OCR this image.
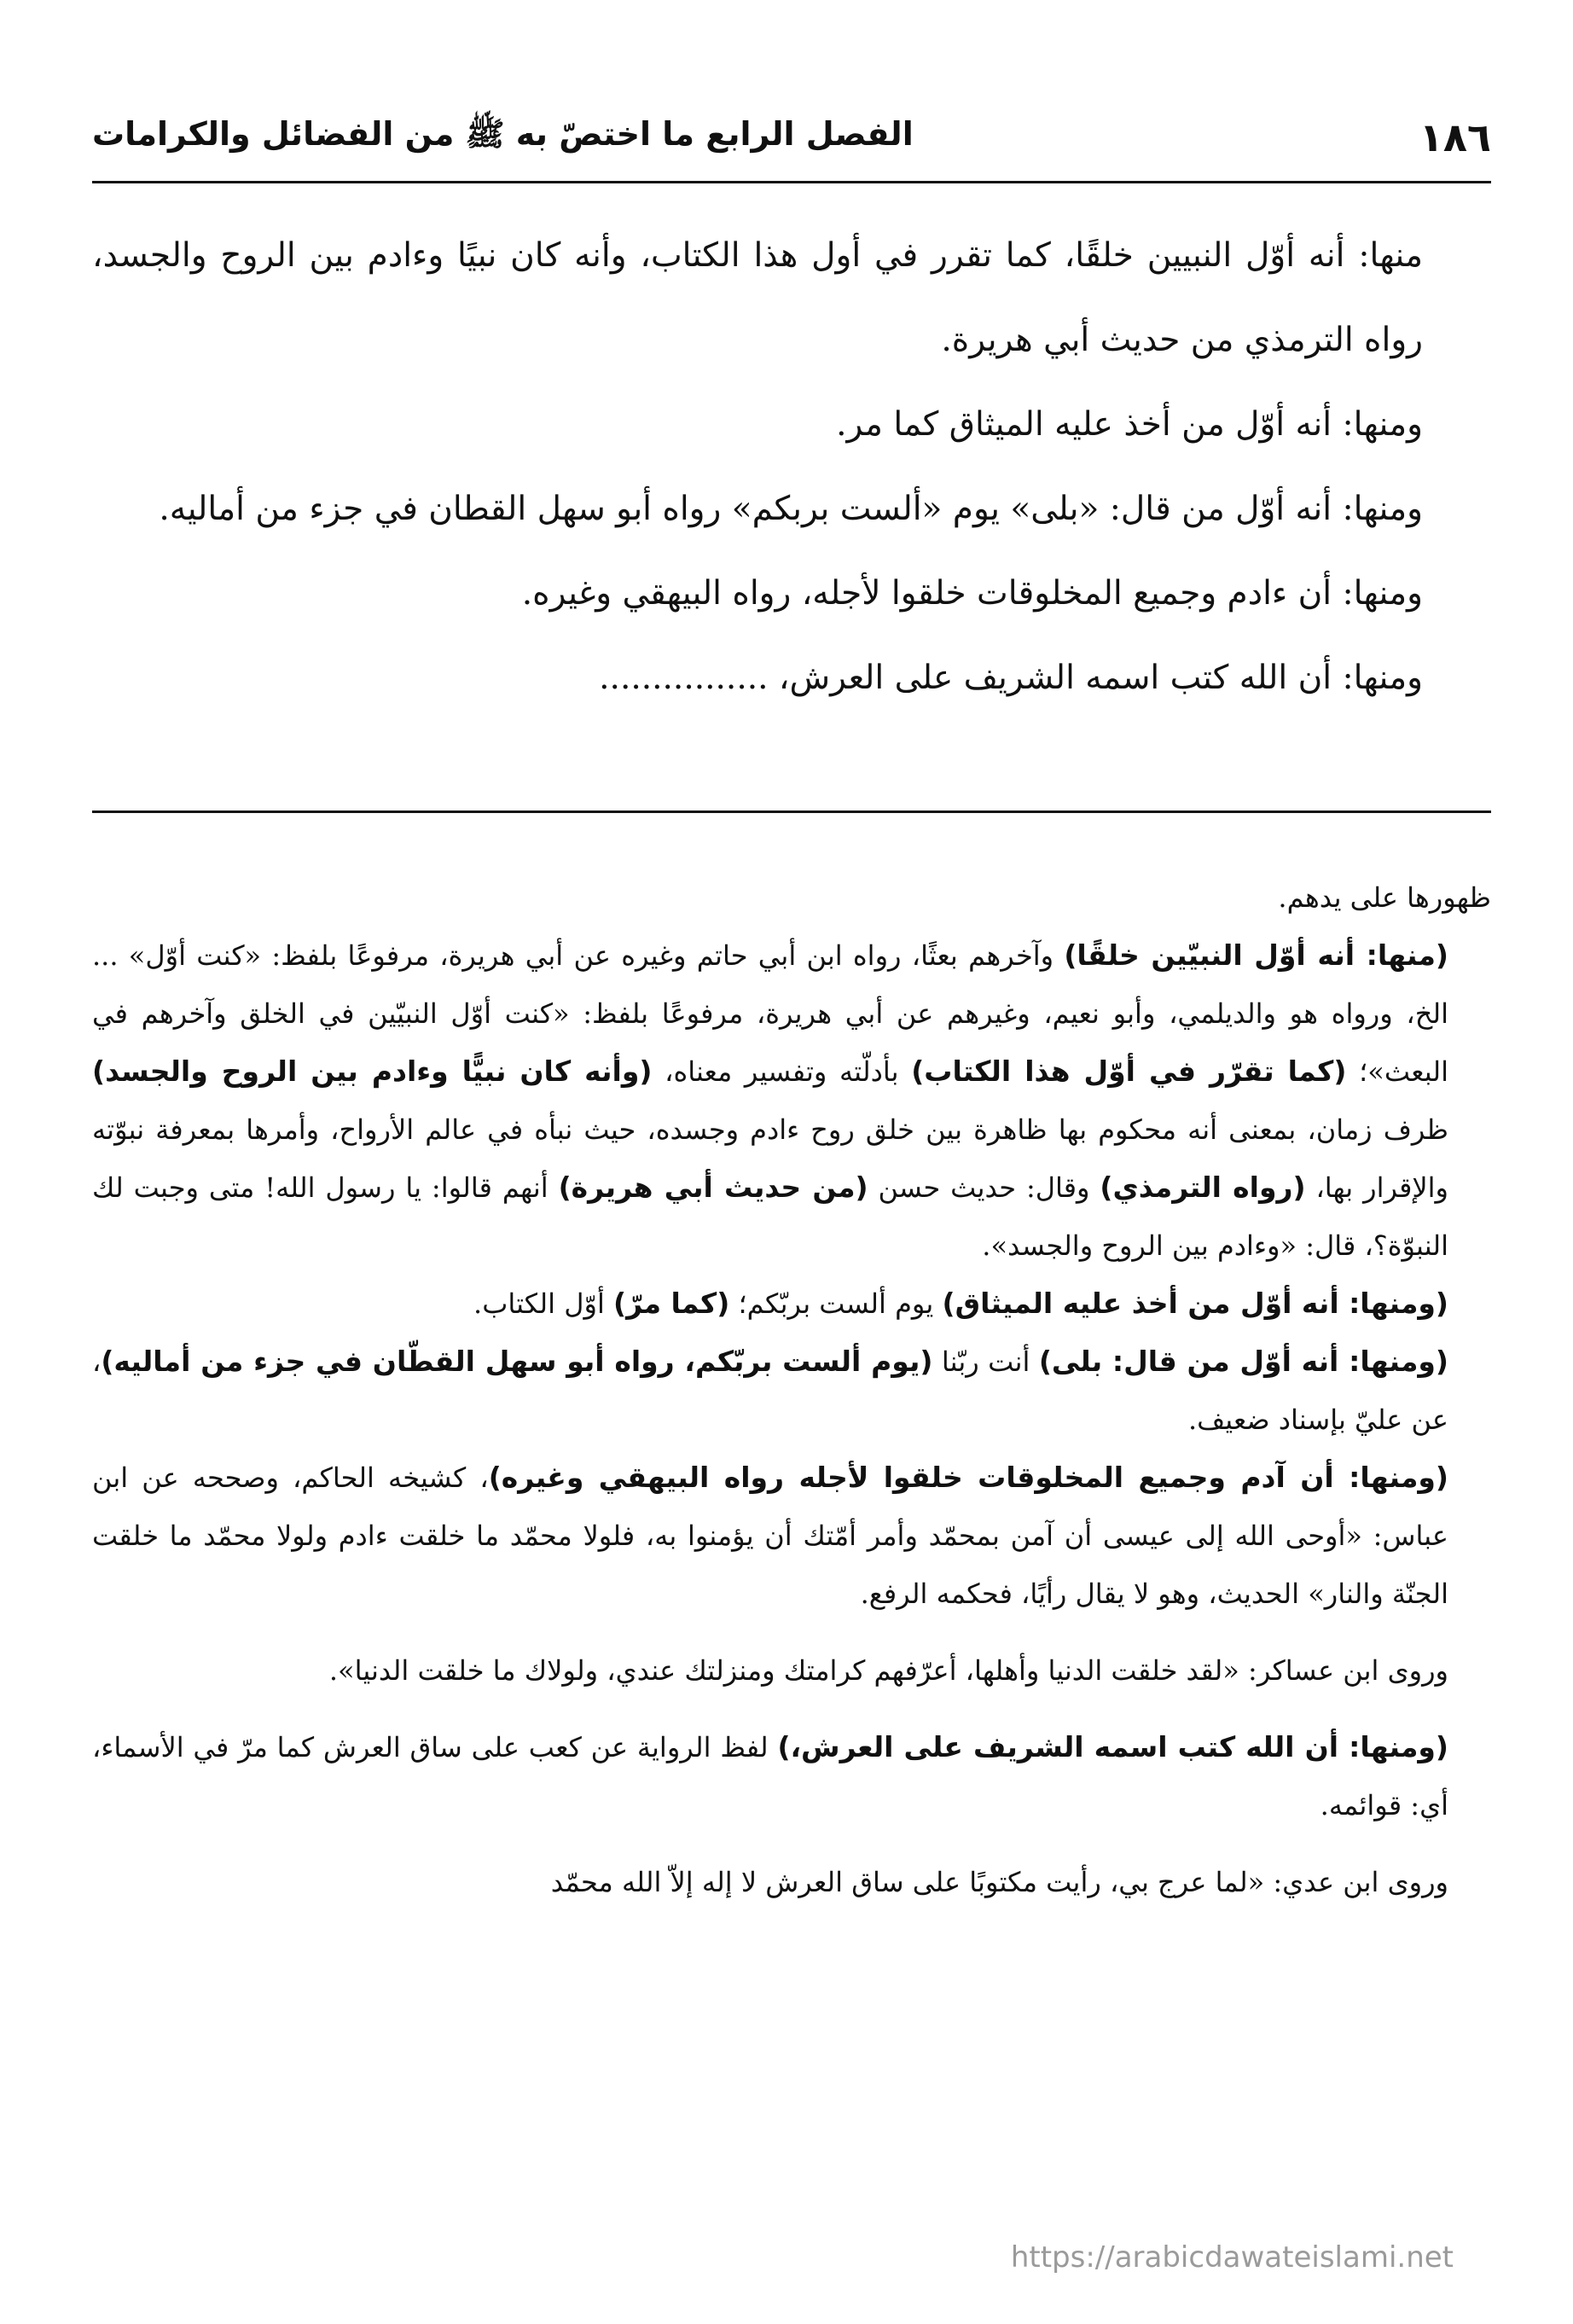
١٨٦
الفصل الرابع ما اختصّ به ﷺ من الفضائل والكرامات

منها: أنه أوّل النبيين خلقًا، كما تقرر في أول هذا الكتاب، وأنه كان نبيًا وءادم بين الروح والجسد، رواه الترمذي من حديث أبي هريرة.

ومنها: أنه أوّل من أخذ عليه الميثاق كما مر.

ومنها: أنه أوّل من قال: «بلى» يوم «ألست بربكم» رواه أبو سهل القطان في جزء من أماليه.

ومنها: أن ءادم وجميع المخلوقات خلقوا لأجله، رواه البيهقي وغيره.

ومنها: أن الله كتب اسمه الشريف على العرش، ................

ظهورها على يدهم.

(منها: أنه أوّل النبيّين خلقًا) وآخرهم بعثًا، رواه ابن أبي حاتم وغيره عن أبي هريرة، مرفوعًا بلفظ: «كنت أوّل» ... الخ، ورواه هو والديلمي، وأبو نعيم، وغيرهم عن أبي هريرة، مرفوعًا بلفظ: «كنت أوّل النبيّين في الخلق وآخرهم في البعث»؛ (كما تقرّر في أوّل هذا الكتاب) بأدلّته وتفسير معناه، (وأنه كان نبيًّا وءادم بين الروح والجسد) ظرف زمان، بمعنى أنه محكوم بها ظاهرة بين خلق روح ءادم وجسده، حيث نبأه في عالم الأرواح، وأمرها بمعرفة نبوّته والإقرار بها، (رواه الترمذي) وقال: حديث حسن (من حديث أبي هريرة) أنهم قالوا: يا رسول الله! متى وجبت لك النبوّة؟، قال: «وءادم بين الروح والجسد».

(ومنها: أنه أوّل من أخذ عليه الميثاق) يوم ألست بربّكم؛ (كما مرّ) أوّل الكتاب.

(ومنها: أنه أوّل من قال: بلى) أنت ربّنا (يوم ألست بربّكم، رواه أبو سهل القطّان في جزء من أماليه)، عن عليّ بإسناد ضعيف.

(ومنها: أن آدم وجميع المخلوقات خلقوا لأجله رواه البيهقي وغيره)، كشيخه الحاكم، وصححه عن ابن عباس: «أوحى الله إلى عيسى أن آمن بمحمّد وأمر أمّتك أن يؤمنوا به، فلولا محمّد ما خلقت ءادم ولولا محمّد ما خلقت الجنّة والنار» الحديث، وهو لا يقال رأيًا، فحكمه الرفع.

وروى ابن عساكر: «لقد خلقت الدنيا وأهلها، أعرّفهم كرامتك ومنزلتك عندي، ولولاك ما خلقت الدنيا».

(ومنها: أن الله كتب اسمه الشريف على العرش،) لفظ الرواية عن كعب على ساق العرش كما مرّ في الأسماء، أي: قوائمه.

وروى ابن عدي: «لما عرج بي، رأيت مكتوبًا على ساق العرش لا إله إلاّ الله محمّد

https://arabicdawateislami.net
